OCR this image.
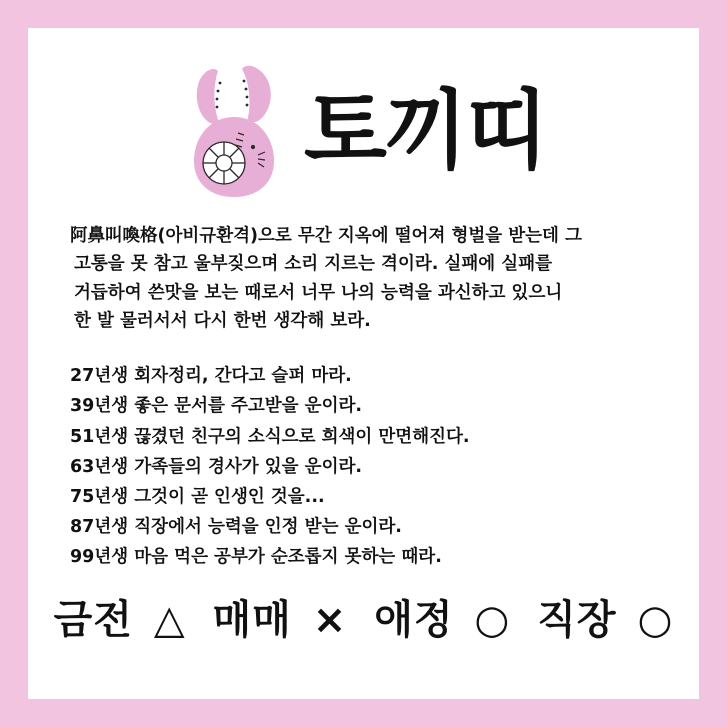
토끼띠

阿鼻叫喚格(아비규환격)으로 무간 지옥에 떨어져 형벌을 받는데 그

고통을 못 참고 울부짖으며 소리 지르는 격이라. 실패에 실패를

거듭하여 쓴맛을 보는 때로서 너무 나의 능력을 과신하고 있으니

한 발 물러서서 다시 한번 생각해 보라.

27년생 회자정리, 간다고 슬퍼 마라.
39년생 좋은 문서를 주고받을 운이라.
51년생 끊겼던 친구의 소식으로 희색이 만면해진다.
63년생 가족들의 경사가 있을 운이라.
75년생 그것이 곧 인생인 것을...
87년생 직장에서 능력을 인정 받는 운이라.
99년생 마음 먹은 공부가 순조롭지 못하는 때라.
금전 △ 매매 × 애정 ○ 직장 ○
